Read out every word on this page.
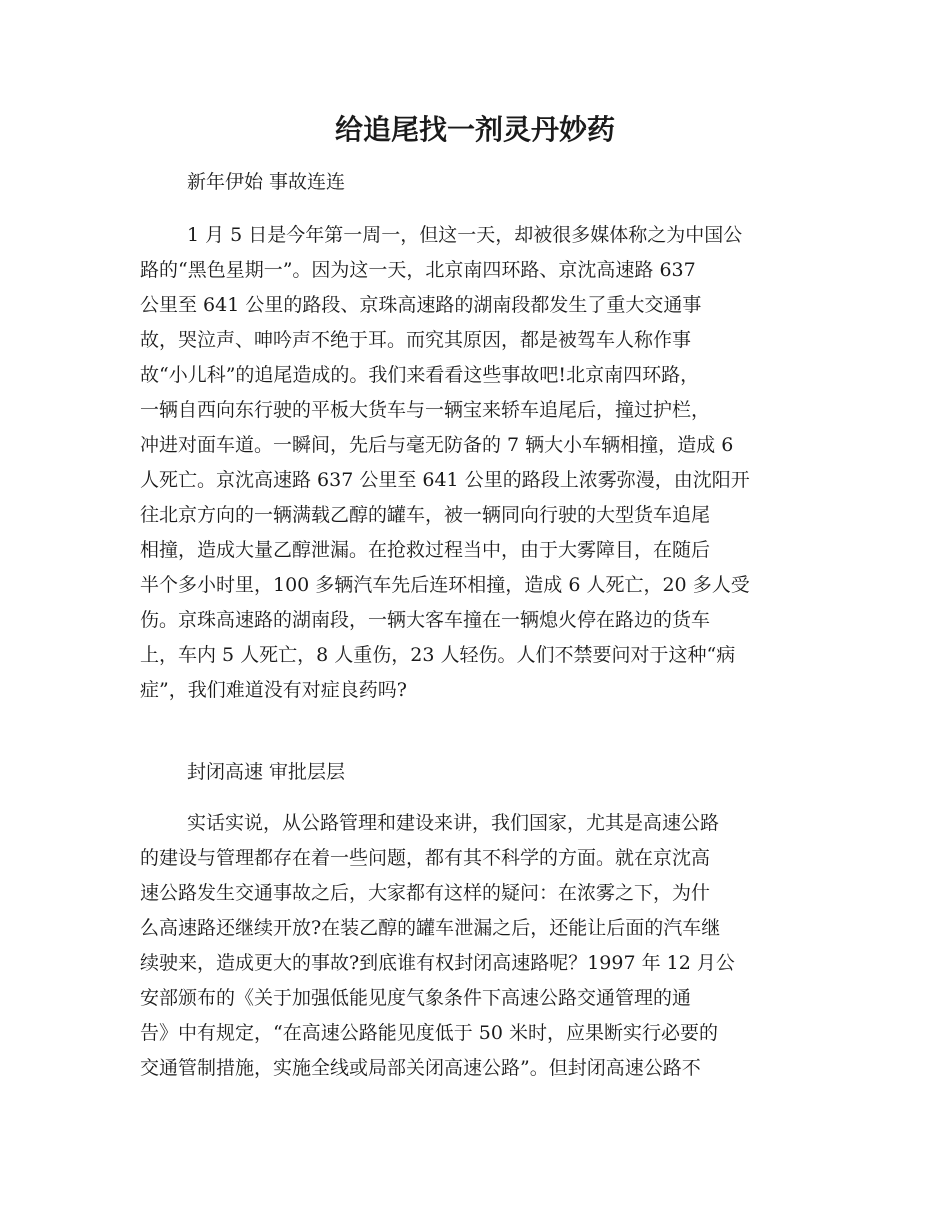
给追尾找一剂灵丹妙药

新年伊始 事故连连

1 月 5 日是今年第一周一，但这一天，却被很多媒体称之为中国公
路的“黑色星期一”。因为这一天，北京南四环路、京沈高速路 637
公里至 641 公里的路段、京珠高速路的湖南段都发生了重大交通事
故，哭泣声、呻吟声不绝于耳。而究其原因，都是被驾车人称作事
故“小儿科”的追尾造成的。我们来看看这些事故吧!北京南四环路，
一辆自西向东行驶的平板大货车与一辆宝来轿车追尾后，撞过护栏，
冲进对面车道。一瞬间，先后与毫无防备的 7 辆大小车辆相撞，造成 6
人死亡。京沈高速路 637 公里至 641 公里的路段上浓雾弥漫，由沈阳开
往北京方向的一辆满载乙醇的罐车，被一辆同向行驶的大型货车追尾
相撞，造成大量乙醇泄漏。在抢救过程当中，由于大雾障目，在随后
半个多小时里，100 多辆汽车先后连环相撞，造成 6 人死亡，20 多人受
伤。京珠高速路的湖南段，一辆大客车撞在一辆熄火停在路边的货车
上，车内 5 人死亡，8 人重伤，23 人轻伤。人们不禁要问对于这种“病
症”，我们难道没有对症良药吗?

封闭高速 审批层层

实话实说，从公路管理和建设来讲，我们国家，尤其是高速公路
的建设与管理都存在着一些问题，都有其不科学的方面。就在京沈高
速公路发生交通事故之后，大家都有这样的疑问：在浓雾之下，为什
么高速路还继续开放?在装乙醇的罐车泄漏之后，还能让后面的汽车继
续驶来，造成更大的事故?到底谁有权封闭高速路呢？1997 年 12 月公
安部颁布的《关于加强低能见度气象条件下高速公路交通管理的通
告》中有规定，“在高速公路能见度低于 50 米时，应果断实行必要的
交通管制措施，实施全线或局部关闭高速公路”。但封闭高速公路不
